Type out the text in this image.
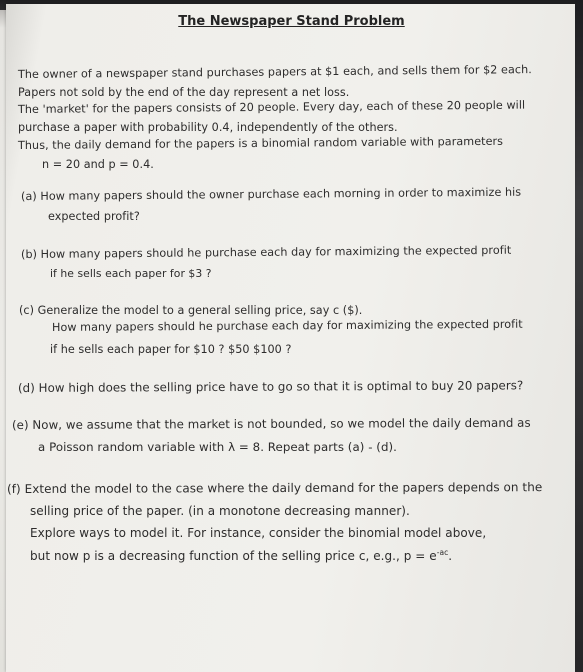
The Newspaper Stand Problem
The owner of a newspaper stand purchases papers at $1 each, and sells them for $2 each.
Papers not sold by the end of the day represent a net loss.
The 'market' for the papers consists of 20 people. Every day, each of these 20 people will
purchase a paper with probability 0.4, independently of the others.
Thus, the daily demand for the papers is a binomial random variable with parameters
n = 20 and p = 0.4.
(a) How many papers should the owner purchase each morning in order to maximize his
expected profit?
(b) How many papers should he purchase each day for maximizing the expected profit
if he sells each paper for $3 ?
(c) Generalize the model to a general selling price, say c ($).
How many papers should he purchase each day for maximizing the expected profit
if he sells each paper for $10 ? $50 $100 ?
(d) How high does the selling price have to go so that it is optimal to buy 20 papers?
(e) Now, we assume that the market is not bounded, so we model the daily demand as
a Poisson random variable with λ = 8. Repeat parts (a) - (d).
(f) Extend the model to the case where the daily demand for the papers depends on the
selling price of the paper. (in a monotone decreasing manner).
Explore ways to model it. For instance, consider the binomial model above,
but now p is a decreasing function of the selling price c, e.g., $p = e^{-ac}$.
